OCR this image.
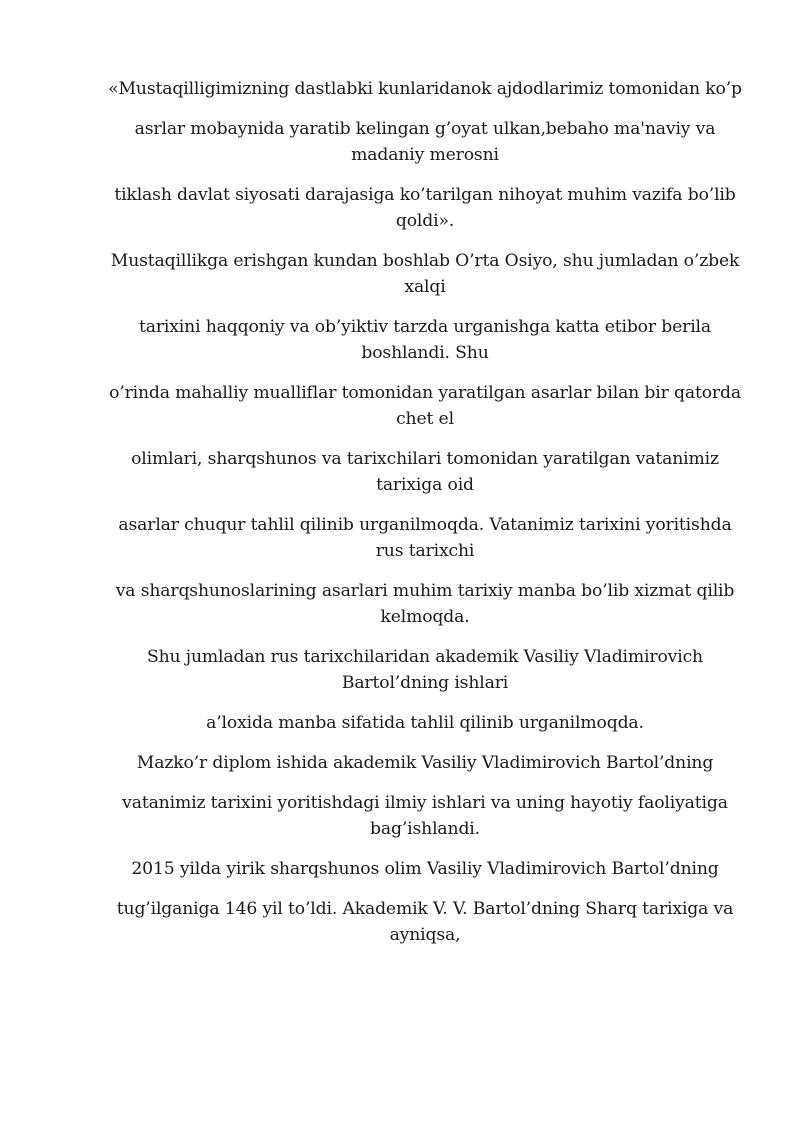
«Mustaqilligimizning dastlabki kunlaridanok ajdodlarimiz tomonidan ko’p

asrlar mobaynida yaratib kelingan g’oyat ulkan,bebaho ma'naviy va madaniy merosni

tiklash davlat siyosati darajasiga ko’tarilgan nihoyat muhim vazifa bo’lib qoldi».

Mustaqillikga erishgan kundan boshlab O’rta Osiyo, shu jumladan o’zbek xalqi

tarixini haqqoniy va ob’yiktiv tarzda urganishga katta etibor berila boshlandi. Shu

o’rinda mahalliy mualliflar tomonidan yaratilgan asarlar bilan bir qatorda chet el

olimlari, sharqshunos va tarixchilari tomonidan yaratilgan vatanimiz tarixiga oid

asarlar chuqur tahlil qilinib urganilmoqda. Vatanimiz tarixini yoritishda rus tarixchi

va sharqshunoslarining asarlari muhim tarixiy manba bo’lib xizmat qilib kelmoqda.

Shu jumladan rus tarixchilaridan akademik Vasiliy Vladimirovich Bartol’dning ishlari

a’loxida manba sifatida tahlil qilinib urganilmoqda.

Mazko’r diplom ishida akademik Vasiliy Vladimirovich Bartol’dning

vatanimiz tarixini yoritishdagi ilmiy ishlari va uning hayotiy faoliyatiga bag’ishlandi.

2015 yilda yirik sharqshunos olim Vasiliy Vladimirovich Bartol’dning

tug’ilganiga 146 yil to’ldi. Akademik V. V. Bartol’dning Sharq tarixiga va ayniqsa,
